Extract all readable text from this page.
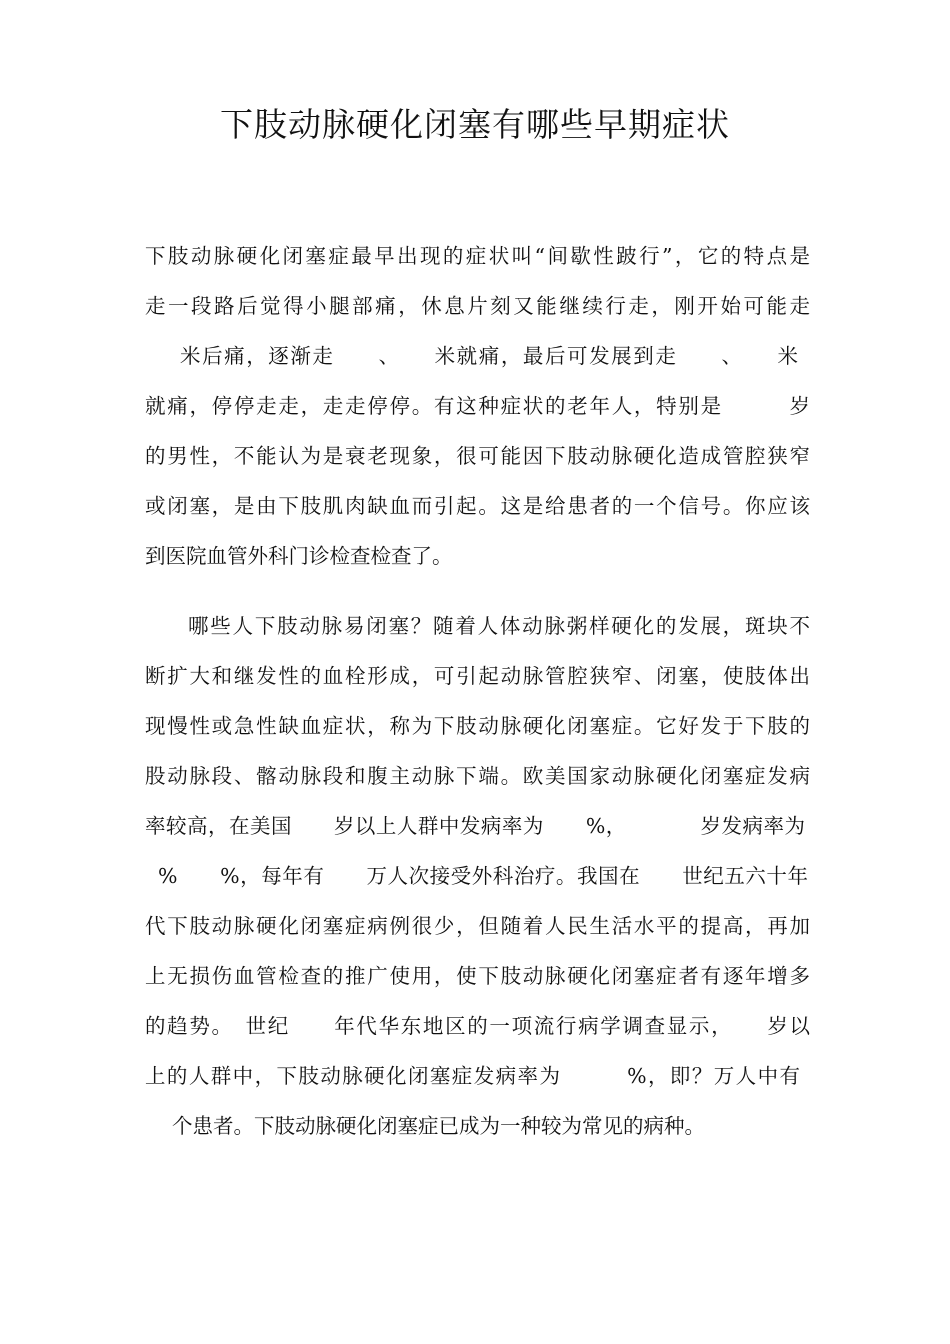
下肢动脉硬化闭塞有哪些早期症状
下肢动脉硬化闭塞症最早出现的症状叫“间歇性跛行”，它的特点是
走一段路后觉得小腿部痛，休息片刻又能继续行走，刚开始可能走
米后痛，逐渐走　　、　　米就痛，最后可发展到走　　、　　米
就痛，停停走走，走走停停。有这种症状的老年人，特别是　　　岁
的男性，不能认为是衰老现象，很可能因下肢动脉硬化造成管腔狭窄
或闭塞，是由下肢肌肉缺血而引起。这是给患者的一个信号。你应该
到医院血管外科门诊检查检查了。
哪些人下肢动脉易闭塞？随着人体动脉粥样硬化的发展，斑块不
断扩大和继发性的血栓形成，可引起动脉管腔狭窄、闭塞，使肢体出
现慢性或急性缺血症状，称为下肢动脉硬化闭塞症。它好发于下肢的
股动脉段、髂动脉段和腹主动脉下端。欧美国家动脉硬化闭塞症发病
率较高，在美国　　岁以上人群中发病率为　　%，　　　　岁发病率为
%　　%，每年有　　万人次接受外科治疗。我国在　　世纪五六十年
代下肢动脉硬化闭塞症病例很少，但随着人民生活水平的提高，再加
上无损伤血管检查的推广使用，使下肢动脉硬化闭塞症者有逐年增多
的趋势。　世纪　　年代华东地区的一项流行病学调查显示，　　岁以
上的人群中，下肢动脉硬化闭塞症发病率为　　　%，即？万人中有
个患者。下肢动脉硬化闭塞症已成为一种较为常见的病种。
